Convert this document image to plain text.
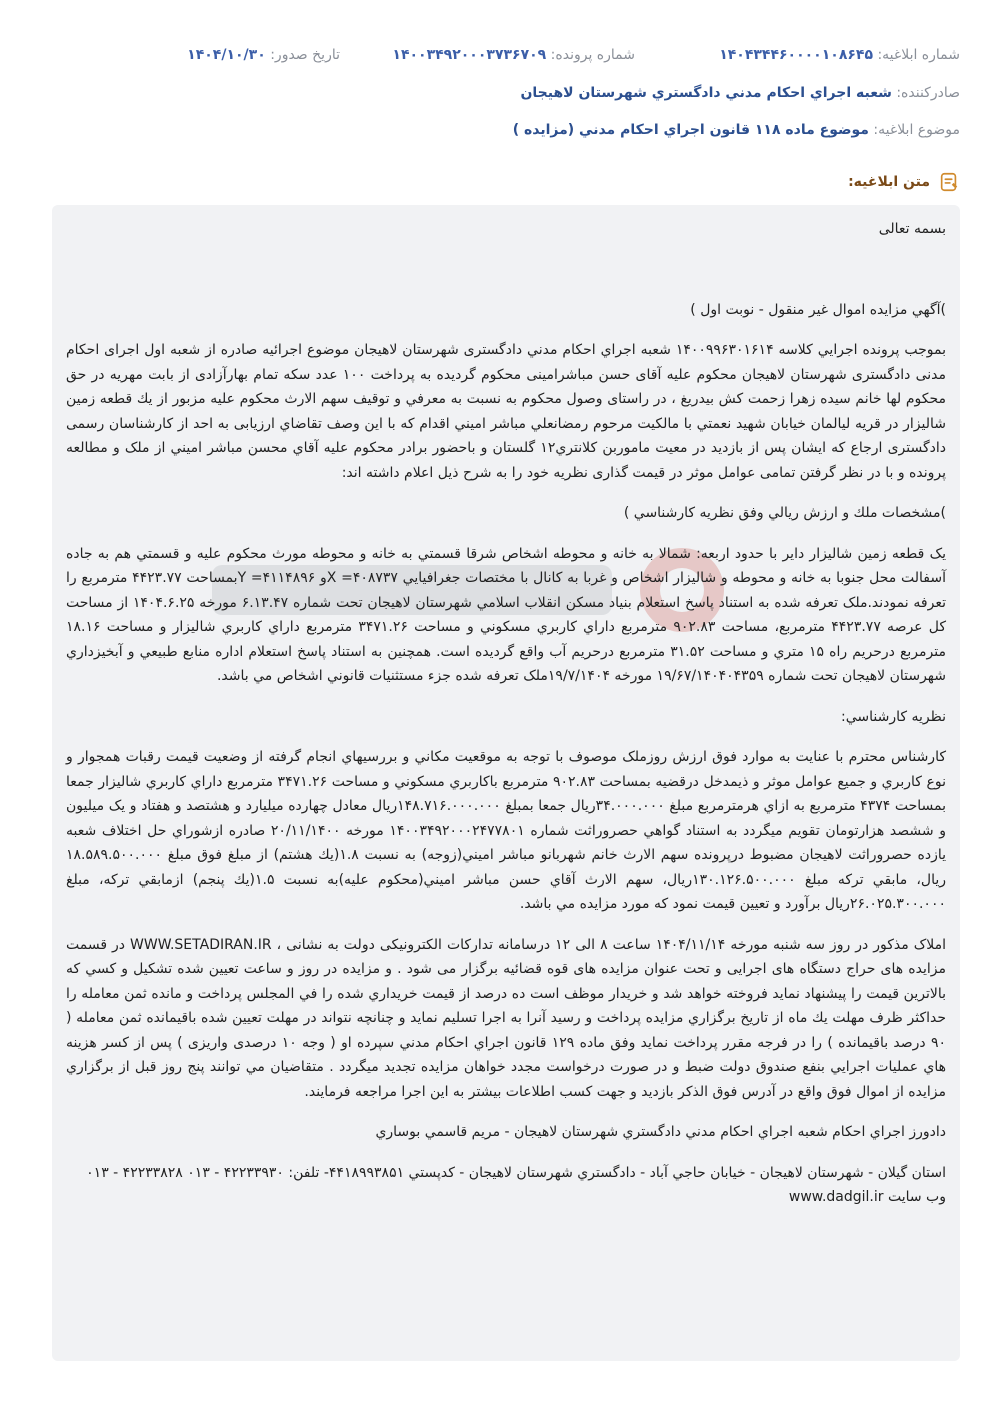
شماره ابلاغيه: ۱۴۰۴۳۴۴۶۰۰۰۰۱۰۸۶۴۵
شماره پرونده: ۱۴۰۰۳۴۹۲۰۰۰۳۷۳۶۷۰۹
تاريخ صدور: ۱۴۰۴/۱۰/۳۰
صادرکننده: شعبه اجراي احکام مدني دادگستري شهرستان لاهيجان
موضوع ابلاغيه: موضوع ماده ۱۱۸ قانون اجراي احکام مدني (مزايده )
متن ابلاغيه:

بسمه تعالی

)آگهي مزايده اموال غير منقول - نوبت اول )

بموجب پرونده اجرايي کلاسه ۱۴۰۰۹۹۶۳۰۱۶۱۴ شعبه اجراي احکام مدني دادگستری شهرستان لاهيجان موضوع اجرائيه صادره از شعبه اول اجرای احکام مدنی دادگستری شهرستان لاهيجان محکوم عليه آقای حسن مباشرامينی محکوم گرديده به پرداخت ۱۰۰ عدد سکه تمام بهارآزادی از بابت مهريه در حق محکوم لها خانم سيده زهرا زحمت کش بيدريغ ، در راستای وصول محکوم به نسبت به معرفي و توقيف سهم الارث محکوم عليه مزبور از يك قطعه زمين شاليزار در قريه ليالمان خيابان شهيد نعمتي با مالکيت مرحوم رمضانعلي مباشر اميني اقدام که با اين وصف تقاضاي ارزيابی به احد از کارشناسان رسمی دادگستری ارجاع که ايشان پس از بازديد در معيت ماموربن کلانتري۱۲ گلستان و باحضور برادر محکوم عليه آقاي محسن مباشر اميني از ملک و مطالعه پرونده و با در نظر گرفتن تمامی عوامل موثر در قيمت گذاری نظريه خود را به شرح ذيل اعلام داشته اند:

)مشخصات ملك و ارزش ريالي وفق نظريه كارشناسي )

يک قطعه زمين شاليزار داير با حدود اربعه: شمالا به خانه و محوطه اشخاص شرقا قسمتي به خانه و محوطه مورث محکوم عليه و قسمتي هم به جاده آسفالت محل جنوبا به خانه و محوطه و شاليزار اشخاص و غربا به کانال با مختصات جغرافيايي ۴۰۸۷۳۷= Xو ۴۱۱۴۸۹۶= Yبمساحت ۴۴۲۳.۷۷ مترمربع را تعرفه نمودند.ملک تعرفه شده به استناد پاسخ استعلام بنياد مسکن انقلاب اسلامي شهرستان لاهيجان تحت شماره ۶.۱۳.۴۷ مورخه ۱۴۰۴.۶.۲۵ از مساحت کل عرصه ۴۴۲۳.۷۷ مترمربع، مساحت ۹۰۲.۸۳ مترمربع داراي کاربري مسکوني و مساحت ۳۴۷۱.۲۶ مترمربع داراي کاربري شاليزار و مساحت ۱۸.۱۶ مترمربع درحريم راه ۱۵ متري و مساحت ۳۱.۵۲ مترمربع درحريم آب واقع گرديده است. همچنين به استناد پاسخ استعلام اداره منابع طبيعي و آبخيزداري شهرستان لاهيجان تحت شماره ۱۹/۶۷/۱۴۰۴۰۴۳۵۹ مورخه ۱۹/۷/۱۴۰۴ملک تعرفه شده جزء مستثنيات قانوني اشخاص مي باشد.

نظريه کارشناسي:

کارشناس محترم با عنايت به موارد فوق ارزش روزملک موصوف با توجه به موقعيت مکاني و بررسيهاي انجام گرفته از وضعيت قيمت رقبات همجوار و نوع کاربري و جميع عوامل موثر و ذيمدخل درقضيه بمساحت ۹۰۲.۸۳ مترمربع باکاربري مسکوني و مساحت ۳۴۷۱.۲۶ مترمربع داراي کاربري شاليزار جمعا بمساحت ۴۳۷۴ مترمربع به ازاي هرمترمربع مبلغ ۳۴.۰۰۰.۰۰۰ريال جمعا بمبلغ ۱۴۸.۷۱۶.۰۰۰.۰۰۰ريال معادل چهارده ميليارد و هشتصد و هفتاد و يک ميليون و ششصد هزارتومان تقويم ميگردد به استناد گواهي حصروراثت شماره ۱۴۰۰۳۴۹۲۰۰۰۲۴۷۷۸۰۱ مورخه ۲۰/۱۱/۱۴۰۰ صادره ازشوراي حل اختلاف شعبه يازده حصروراثت لاهيجان مضبوط درپرونده سهم الارث خانم شهربانو مباشر اميني(زوجه) به نسبت ۱.۸(يك هشتم) از مبلغ فوق مبلغ ۱۸.۵۸۹.۵۰۰.۰۰۰ ريال، مابقي ترکه مبلغ ۱۳۰.۱۲۶.۵۰۰.۰۰۰ريال، سهم الارث آقاي حسن مباشر اميني(محکوم عليه)به نسبت ۱.۵(يك پنجم) ازمابقي ترکه، مبلغ ۲۶.۰۲۵.۳۰۰.۰۰۰ريال برآورد و تعيين قيمت نمود كه مورد مزايده مي باشد.

املاک مذکور در روز سه شنبه مورخه ۱۴۰۴/۱۱/۱۴ ساعت ۸ الی ۱۲ درسامانه تداركات الكترونيكی دولت به نشانی ، WWW.SETADIRAN.IR در قسمت مزايده های حراج دستگاه های اجرايی و تحت عنوان مزايده های قوه قضائيه برگزار می شود . و مزايده در روز و ساعت تعيين شده تشکيل و کسي که بالاترين قيمت را پيشنهاد نمايد فروخته خواهد شد و خريدار موظف است ده درصد از قيمت خريداري شده را في المجلس پرداخت و مانده ثمن معامله را حداکثر ظرف مهلت يك ماه از تاريخ برگزاري مزايده پرداخت و رسيد آنرا به اجرا تسليم نمايد و چنانچه نتواند در مهلت تعيين شده باقيمانده ثمن معامله ( ۹۰ درصد باقيمانده ) را در فرجه مقرر پرداخت نمايد وفق ماده ۱۲۹ قانون اجراي احکام مدني سپرده او ( وجه ۱۰ درصدی واريزی ) پس از کسر هزينه هاي عمليات اجرايي بنفع صندوق دولت ضبط و در صورت درخواست مجدد خواهان مزايده تجديد ميگردد . متقاضيان مي توانند پنج روز قبل از برگزاري مزايده از اموال فوق واقع در آدرس فوق الذکر بازديد و جهت کسب اطلاعات بيشتر به اين اجرا مراجعه فرمايند.

دادورز اجراي احکام شعبه اجراي احکام مدني دادگستري شهرستان لاهيجان - مريم قاسمي بوساري

استان گيلان - شهرستان لاهيجان - خيابان حاجي آباد - دادگستري شهرستان لاهيجان - کدپستي ۴۴۱۸۹۹۳۸۵۱- تلفن: ۴۲۲۳۳۹۳۰ - ۰۱۳ ۴۲۲۳۳۸۲۸ - ۰۱۳

وب سايت www.dadgil.ir
